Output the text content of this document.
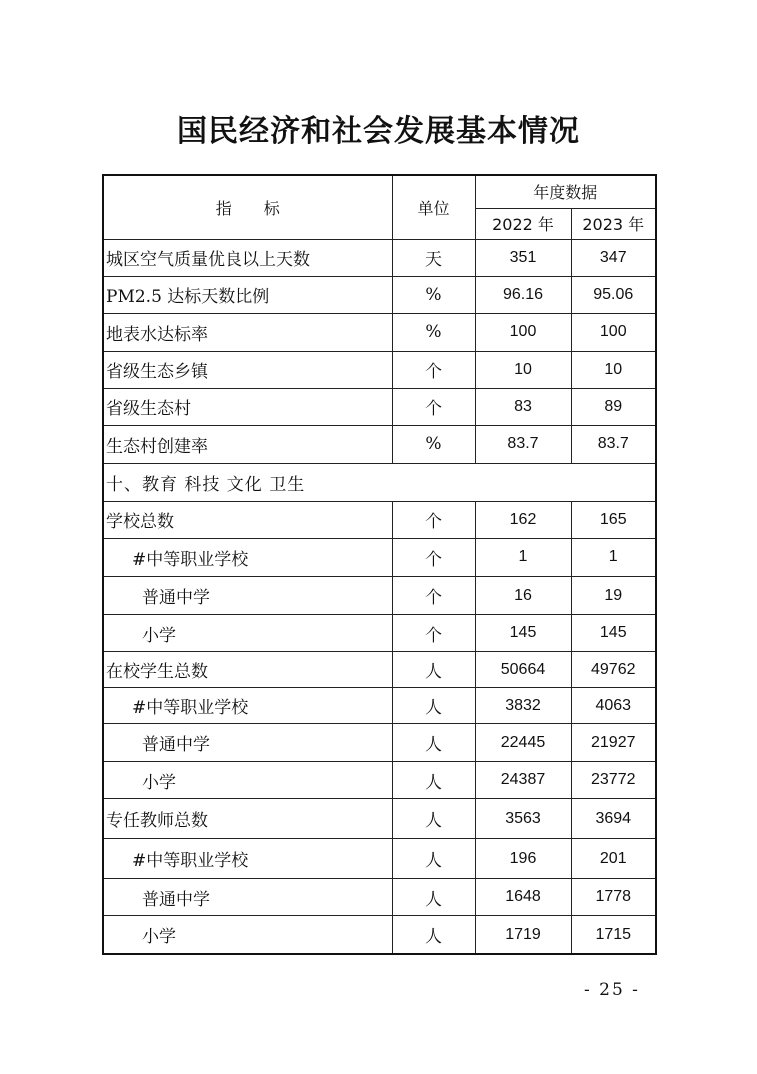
国民经济和社会发展基本情况
指　　标	单位	年度数据	
		2022 年	2023 年
城区空气质量优良以上天数	天	351	347
PM2.5 达标天数比例	%	96.16	95.06
地表水达标率	%	100	100
省级生态乡镇	个	10	10
省级生态村	个	83	89
生态村创建率	%	83.7	83.7
十、教育 科技 文化 卫生			
学校总数	个	162	165
#中等职业学校	个	1	1
普通中学	个	16	19
小学	个	145	145
在校学生总数	人	50664	49762
#中等职业学校	人	3832	4063
普通中学	人	22445	21927
小学	人	24387	23772
专任教师总数	人	3563	3694
#中等职业学校	人	196	201
普通中学	人	1648	1778
小学	人	1719	1715
- 25 -
